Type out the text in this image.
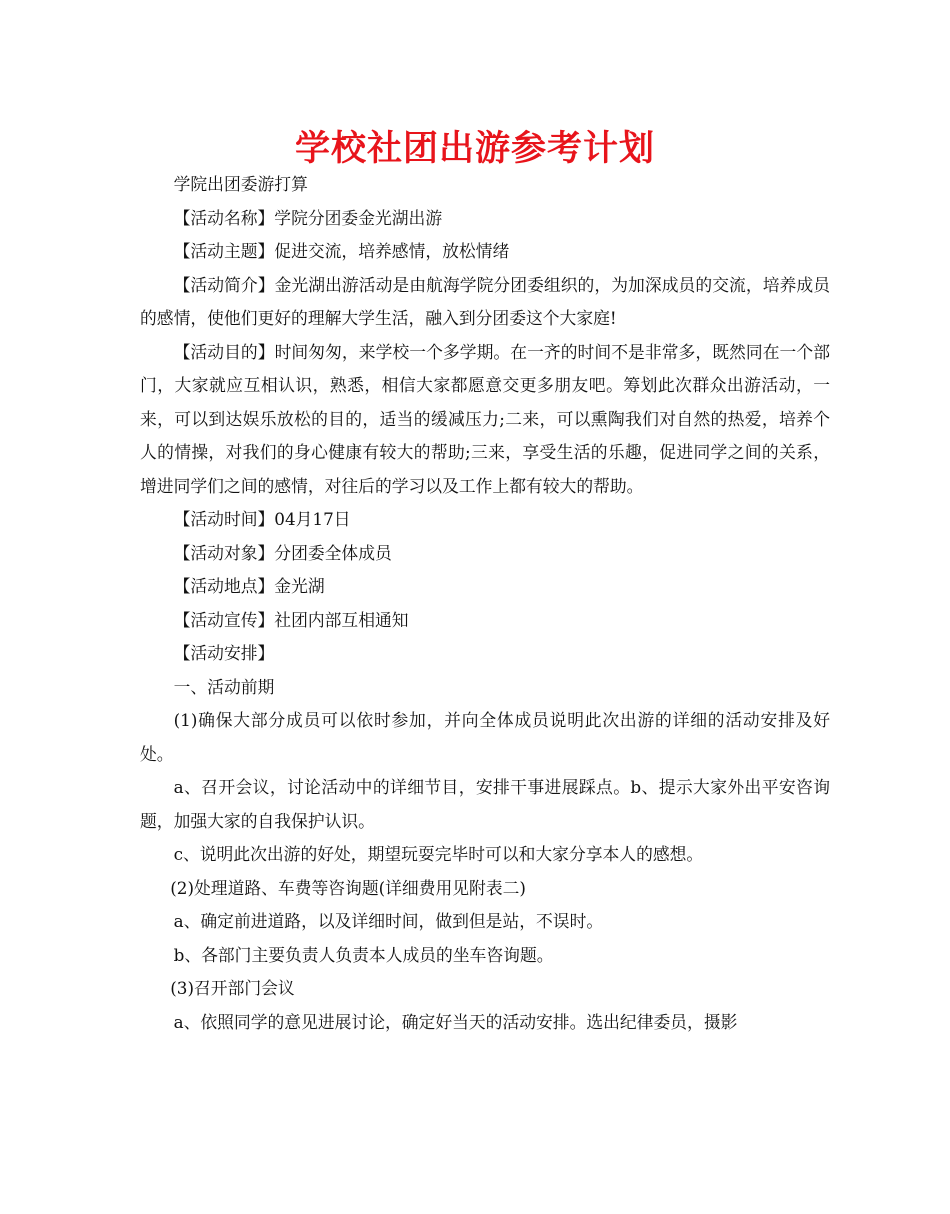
学校社团出游参考计划

学院出团委游打算

【活动名称】学院分团委金光湖出游

【活动主题】促进交流，培养感情，放松情绪

【活动简介】金光湖出游活动是由航海学院分团委组织的，为加深成员的交流，培养成员的感情，使他们更好的理解大学生活，融入到分团委这个大家庭!

【活动目的】时间匆匆，来学校一个多学期。在一齐的时间不是非常多，既然同在一个部门，大家就应互相认识，熟悉，相信大家都愿意交更多朋友吧。筹划此次群众出游活动，一来，可以到达娱乐放松的目的，适当的缓减压力;二来，可以熏陶我们对自然的热爱，培养个人的情操，对我们的身心健康有较大的帮助;三来，享受生活的乐趣，促进同学之间的关系，增进同学们之间的感情，对往后的学习以及工作上都有较大的帮助。

【活动时间】04月17日

【活动对象】分团委全体成员

【活动地点】金光湖

【活动宣传】社团内部互相通知

【活动安排】

一、活动前期

(1)确保大部分成员可以依时参加，并向全体成员说明此次出游的详细的活动安排及好处。

a、召开会议，讨论活动中的详细节目，安排干事进展踩点。b、提示大家外出平安咨询题，加强大家的自我保护认识。

c、说明此次出游的好处，期望玩耍完毕时可以和大家分享本人的感想。

(2)处理道路、车费等咨询题(详细费用见附表二)

a、确定前进道路，以及详细时间，做到但是站，不误时。

b、各部门主要负责人负责本人成员的坐车咨询题。

(3)召开部门会议

a、依照同学的意见进展讨论，确定好当天的活动安排。选出纪律委员，摄影
